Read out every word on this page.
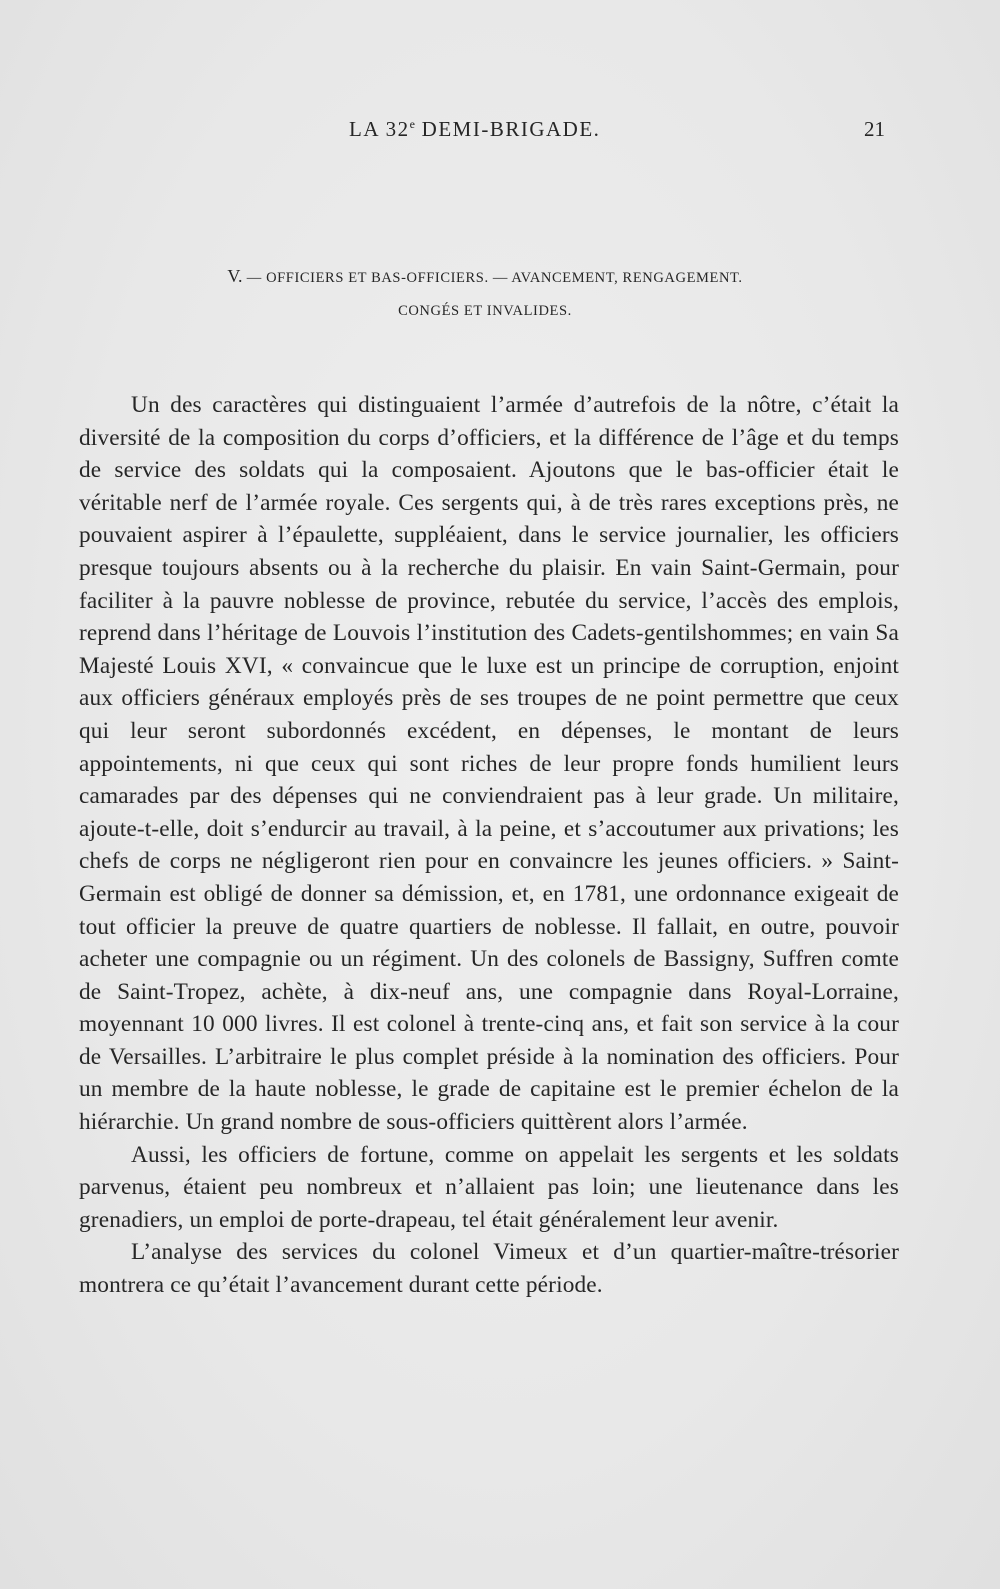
LA 32e DEMI-BRIGADE.	21
V. — OFFICIERS ET BAS-OFFICIERS. — AVANCEMENT, RENGAGEMENT.
CONGÉS ET INVALIDES.

Un des caractères qui distinguaient l’armée d’autrefois de la nôtre, c’était la diversité de la composition du corps d’officiers, et la différence de l’âge et du temps de service des soldats qui la composaient. Ajoutons que le bas-officier était le véritable nerf de l’armée royale. Ces sergents qui, à de très rares exceptions près, ne pouvaient aspirer à l’épaulette, suppléaient, dans le service journalier, les officiers presque toujours absents ou à la recherche du plaisir. En vain Saint-Germain, pour faciliter à la pauvre noblesse de province, rebutée du service, l’accès des emplois, reprend dans l’héritage de Louvois l’institution des Cadets-gentilshommes; en vain Sa Majesté Louis XVI, « convaincue que le luxe est un principe de corruption, enjoint aux officiers généraux employés près de ses troupes de ne point permettre que ceux qui leur seront subordonnés excédent, en dépenses, le montant de leurs appointements, ni que ceux qui sont riches de leur propre fonds humilient leurs camarades par des dépenses qui ne conviendraient pas à leur grade. Un militaire, ajoute-t-elle, doit s’endurcir au travail, à la peine, et s’accoutumer aux privations; les chefs de corps ne négligeront rien pour en convaincre les jeunes officiers. » Saint-Germain est obligé de donner sa démission, et, en 1781, une ordonnance exigeait de tout officier la preuve de quatre quartiers de noblesse. Il fallait, en outre, pouvoir acheter une compagnie ou un régiment. Un des colonels de Bassigny, Suffren comte de Saint-Tropez, achète, à dix-neuf ans, une compagnie dans Royal-Lorraine, moyennant 10 000 livres. Il est colonel à trente-cinq ans, et fait son service à la cour de Versailles. L’arbitraire le plus complet préside à la nomination des officiers. Pour un membre de la haute noblesse, le grade de capitaine est le premier échelon de la hiérarchie. Un grand nombre de sous-officiers quittèrent alors l’armée.

Aussi, les officiers de fortune, comme on appelait les sergents et les soldats parvenus, étaient peu nombreux et n’allaient pas loin; une lieutenance dans les grenadiers, un emploi de porte-drapeau, tel était généralement leur avenir.

L’analyse des services du colonel Vimeux et d’un quartier-maître-trésorier montrera ce qu’était l’avancement durant cette période.
